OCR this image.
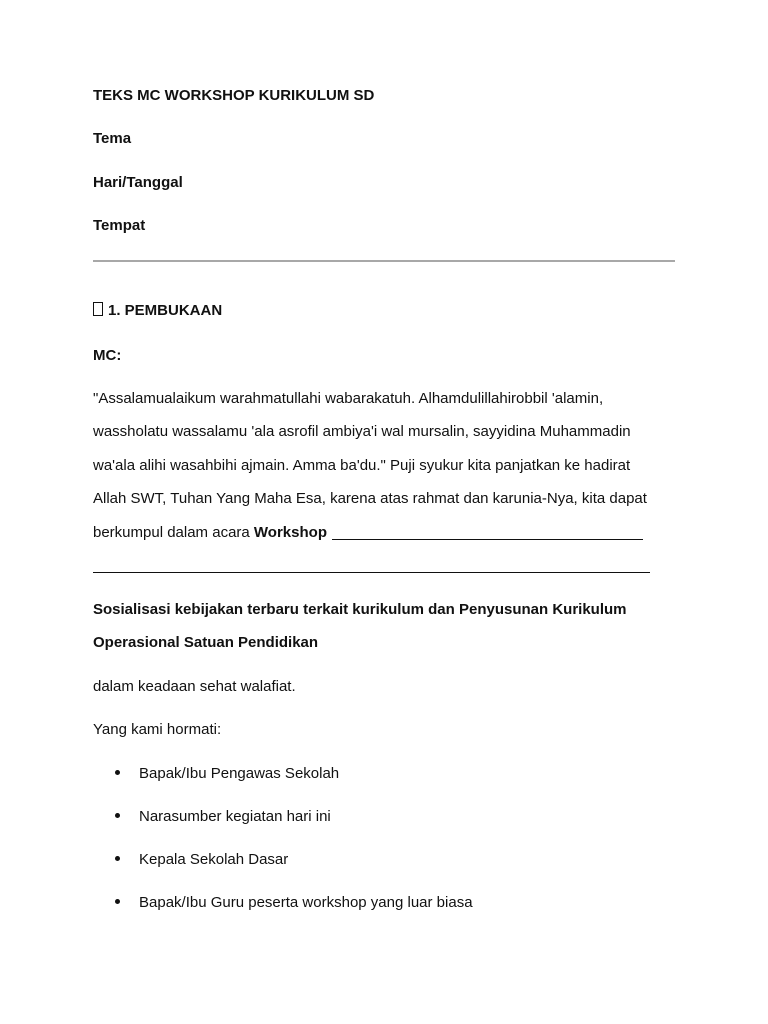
TEKS MC WORKSHOP KURIKULUM SD
Tema
Hari/Tanggal
Tempat
1. PEMBUKAAN
MC:
"Assalamualaikum warahmatullahi wabarakatuh. Alhamdulillahirobbil 'alamin,
wassholatu wassalamu 'ala asrofil ambiya'i wal mursalin, sayyidina Muhammadin
wa'ala alihi wasahbihi ajmain. Amma ba'du." Puji syukur kita panjatkan ke hadirat
Allah SWT, Tuhan Yang Maha Esa, karena atas rahmat dan karunia-Nya, kita dapat
berkumpul dalam acara Workshop
Sosialisasi kebijakan terbaru terkait kurikulum dan Penyusunan Kurikulum
Operasional Satuan Pendidikan
dalam keadaan sehat walafiat.
Yang kami hormati:
Bapak/Ibu Pengawas Sekolah
Narasumber kegiatan hari ini
Kepala Sekolah Dasar
Bapak/Ibu Guru peserta workshop yang luar biasa
